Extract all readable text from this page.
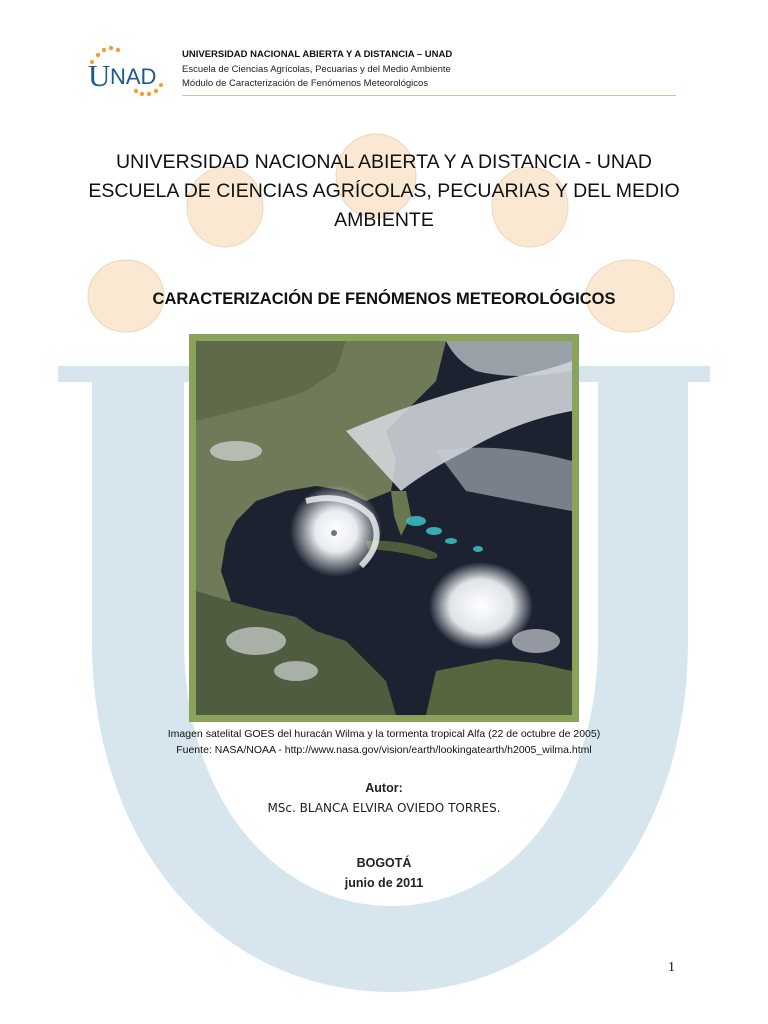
U NAD
UNIVERSIDAD NACIONAL ABIERTA Y A DISTANCIA – UNAD
Escuela de Ciencias Agrícolas, Pecuarias y del Medio Ambiente
Módulo de Caracterización de Fenómenos Meteorológicos
UNIVERSIDAD NACIONAL ABIERTA Y A DISTANCIA - UNAD
ESCUELA DE CIENCIAS AGRÍCOLAS, PECUARIAS Y DEL MEDIO
AMBIENTE
CARACTERIZACIÓN DE FENÓMENOS METEOROLÓGICOS
Imagen satelital GOES del huracán Wilma y la tormenta tropical Alfa (22 de octubre de 2005)
Fuente: NASA/NOAA - http://www.nasa.gov/vision/earth/lookingatearth/h2005_wilma.html
Autor:
MSc. BLANCA ELVIRA OVIEDO TORRES.
BOGOTÁ
junio de 2011
1
